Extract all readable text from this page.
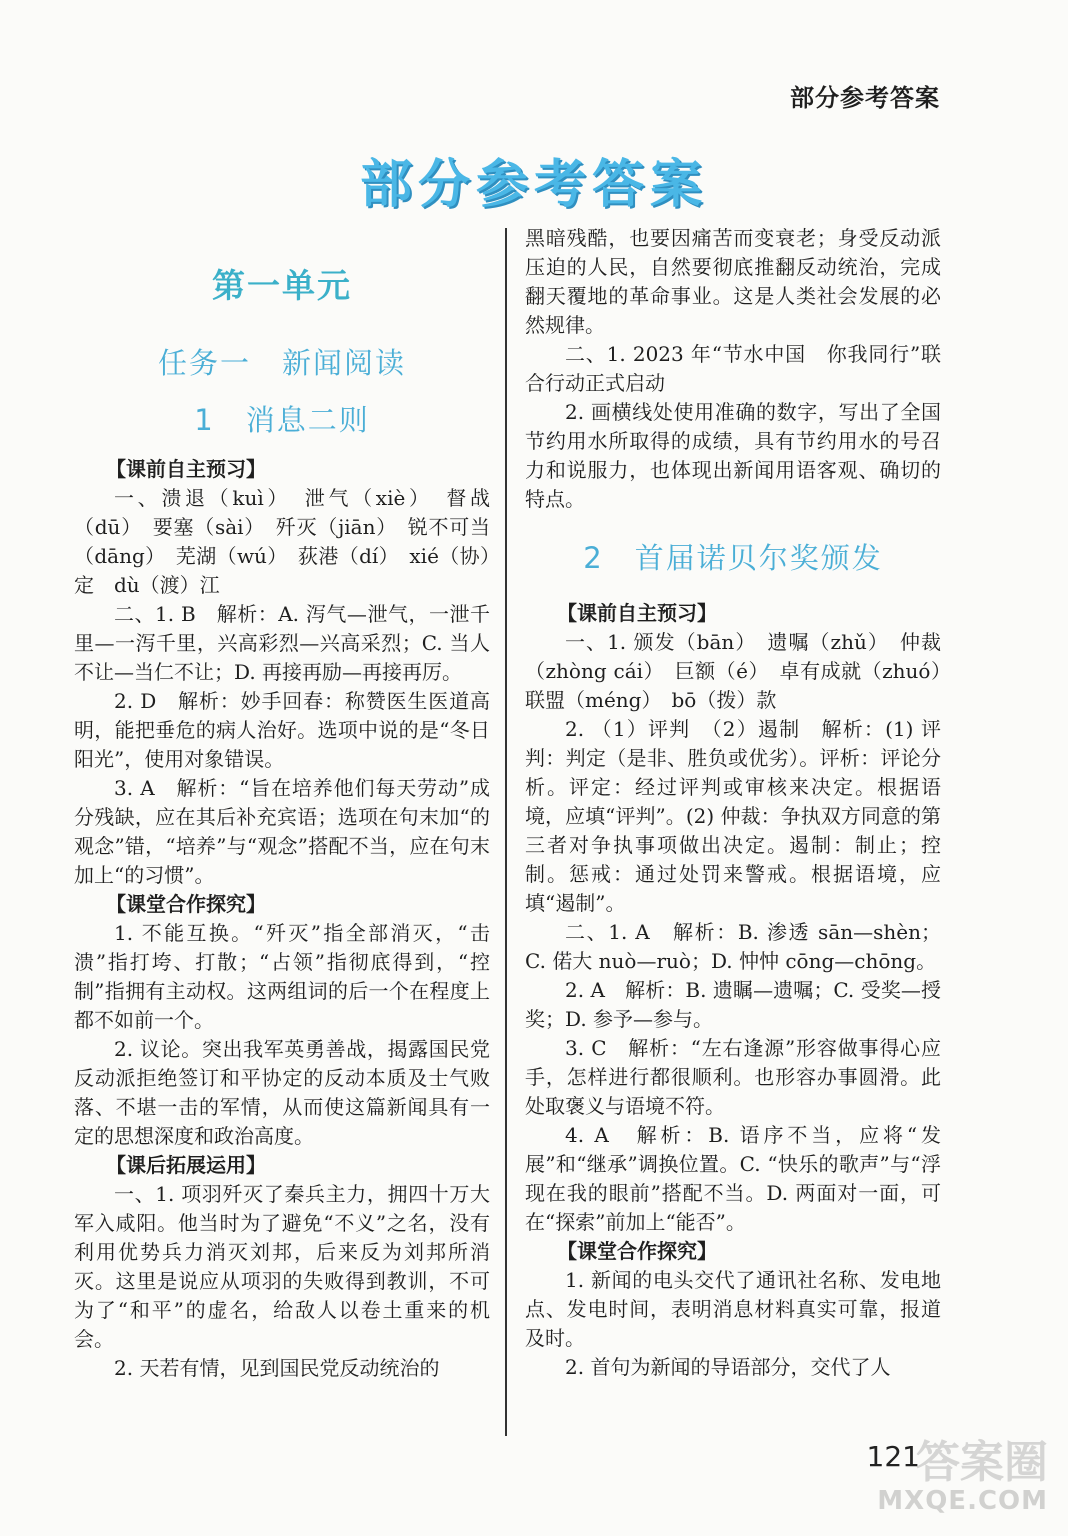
部分参考答案
部分参考答案
第一单元
任务一　新闻阅读
1　消息二则
【课前自主预习】

一、溃退（kuì）　泄气（xiè）　督战（dū）　要塞（sài）　歼灭（jiān）　锐不可当（dāng）　芜湖（wú）　荻港（dí）　xié（协）定　dù（渡）江

二、1. B　解析：A. 泻气—泄气，一泄千里—一泻千里，兴高彩烈—兴高采烈；C. 当人不让—当仁不让；D. 再接再励—再接再厉。

2. D　解析：妙手回春：称赞医生医道高明，能把垂危的病人治好。选项中说的是“冬日阳光”，使用对象错误。

3. A　解析：“旨在培养他们每天劳动”成分残缺，应在其后补充宾语；选项在句末加“的观念”错，“培养”与“观念”搭配不当，应在句末加上“的习惯”。

【课堂合作探究】

1. 不能互换。“歼灭”指全部消灭，“击溃”指打垮、打散；“占领”指彻底得到，“控制”指拥有主动权。这两组词的后一个在程度上都不如前一个。

2. 议论。突出我军英勇善战，揭露国民党反动派拒绝签订和平协定的反动本质及士气败落、不堪一击的军情，从而使这篇新闻具有一定的思想深度和政治高度。

【课后拓展运用】

一、1. 项羽歼灭了秦兵主力，拥四十万大军入咸阳。他当时为了避免“不义”之名，没有利用优势兵力消灭刘邦，后来反为刘邦所消灭。这里是说应从项羽的失败得到教训，不可为了“和平”的虚名，给敌人以卷土重来的机会。

2. 天若有情，见到国民党反动统治的

黑暗残酷，也要因痛苦而变衰老；身受反动派压迫的人民，自然要彻底推翻反动统治，完成翻天覆地的革命事业。这是人类社会发展的必然规律。

二、1. 2023 年“节水中国　你我同行”联合行动正式启动

2. 画横线处使用准确的数字，写出了全国节约用水所取得的成绩，具有节约用水的号召力和说服力，也体现出新闻用语客观、确切的特点。

2　首届诺贝尔奖颁发
【课前自主预习】

一、1. 颁发（bān）　遗嘱（zhǔ）　仲裁（zhòng cái）　巨额（é）　卓有成就（zhuó）　联盟（méng）　bō（拨）款

2. （1）评判　（2）遏制　解析：(1) 评判：判定（是非、胜负或优劣）。评析：评论分析。评定：经过评判或审核来决定。根据语境，应填“评判”。(2) 仲裁：争执双方同意的第三者对争执事项做出决定。遏制：制止；控制。惩戒：通过处罚来警戒。根据语境，应填“遏制”。

二、1. A　解析：B. 渗透 sān—shèn；C. 偌大 nuò—ruò；D. 忡忡 cōng—chōng。

2. A　解析：B. 遗瞩—遗嘱；C. 受奖—授奖；D. 参予—参与。

3. C　解析：“左右逢源”形容做事得心应手，怎样进行都很顺利。也形容办事圆滑。此处取褒义与语境不符。

4. A　解析：B. 语序不当，应将“发展”和“继承”调换位置。C. “快乐的歌声”与“浮现在我的眼前”搭配不当。D. 两面对一面，可在“探索”前加上“能否”。

【课堂合作探究】

1. 新闻的电头交代了通讯社名称、发电地点、发电时间，表明消息材料真实可靠，报道及时。

2. 首句为新闻的导语部分，交代了人

121
答案圈
MXQE.COM
